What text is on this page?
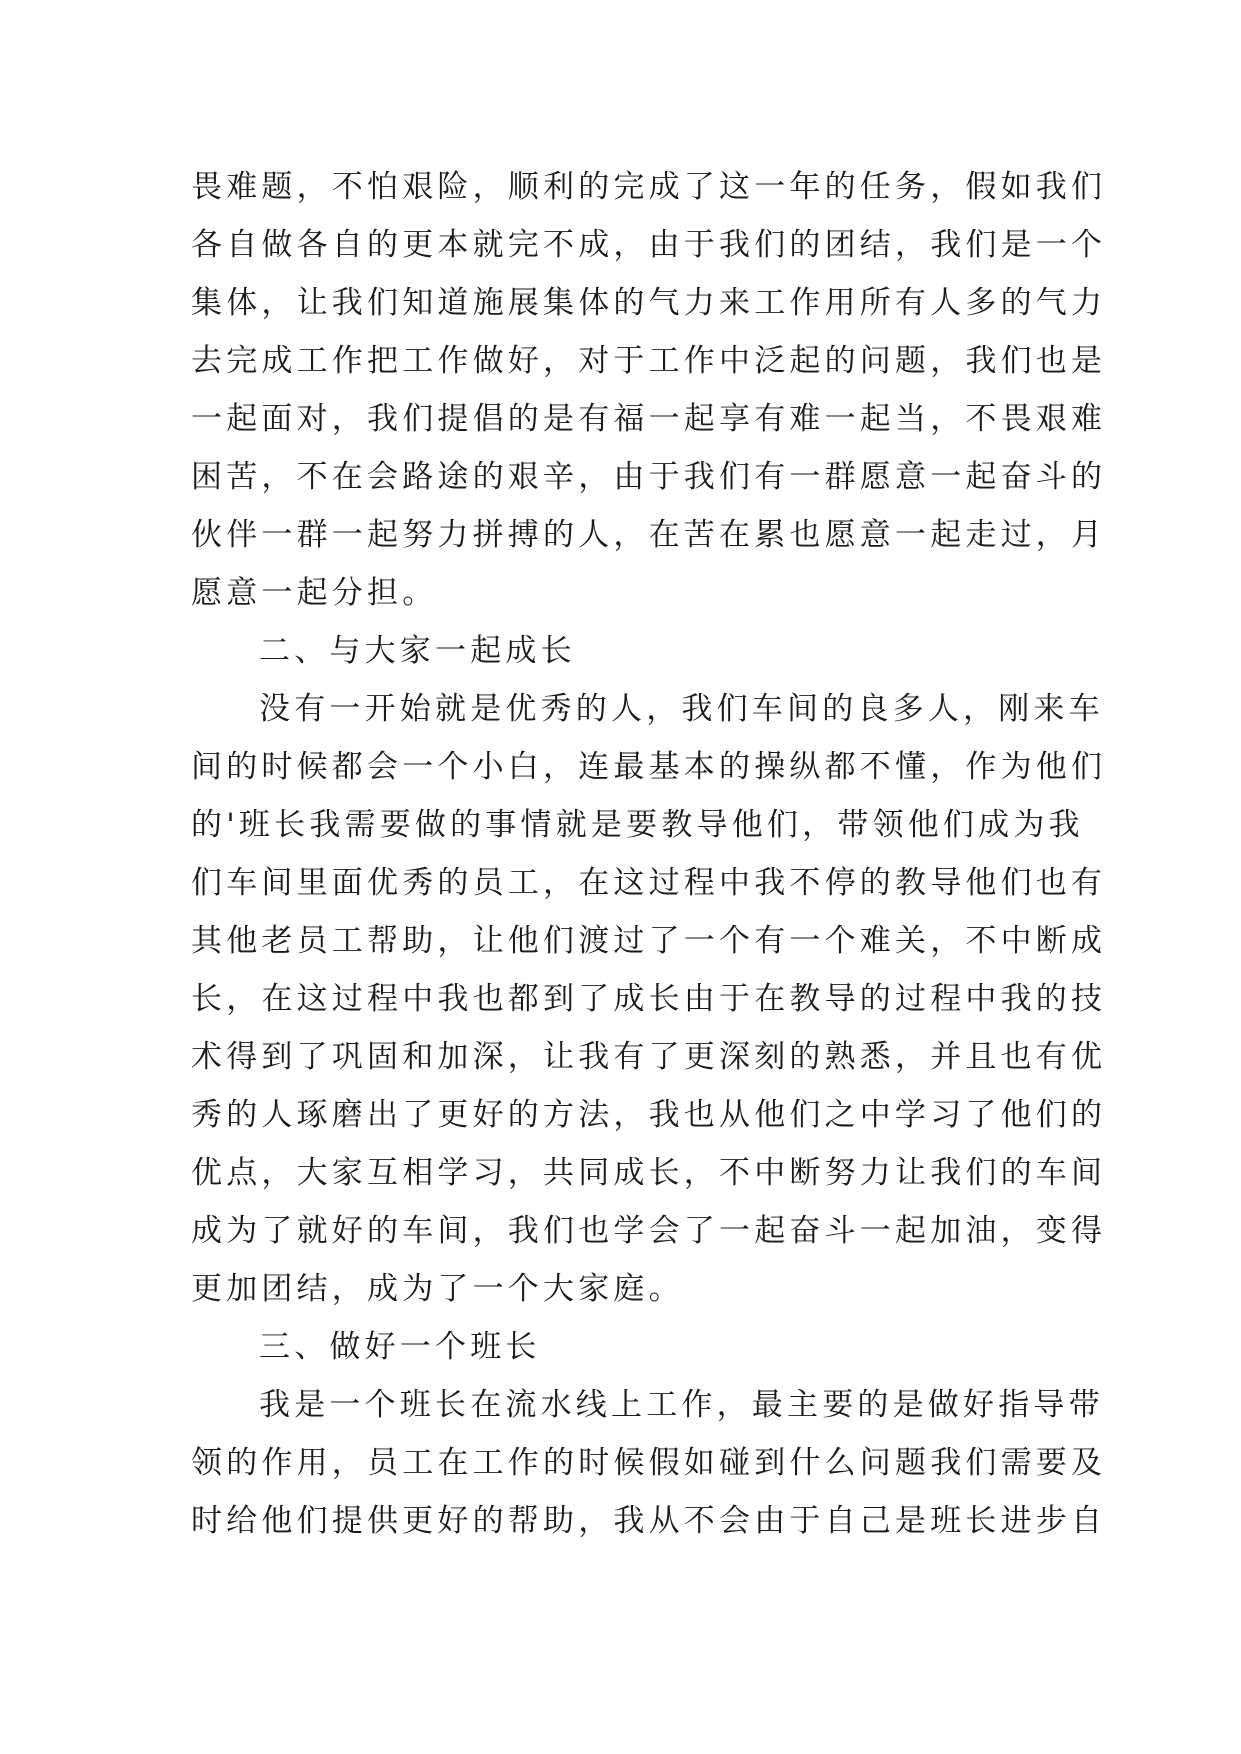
畏难题，不怕艰险，顺利的完成了这一年的任务，假如我们
各自做各自的更本就完不成，由于我们的团结，我们是一个
集体，让我们知道施展集体的气力来工作用所有人多的气力
去完成工作把工作做好，对于工作中泛起的问题，我们也是
一起面对，我们提倡的是有福一起享有难一起当，不畏艰难
困苦，不在会路途的艰辛，由于我们有一群愿意一起奋斗的
伙伴一群一起努力拼搏的人，在苦在累也愿意一起走过，月
愿意一起分担。
二、与大家一起成长
没有一开始就是优秀的人，我们车间的良多人，刚来车
间的时候都会一个小白，连最基本的操纵都不懂，作为他们
的'班长我需要做的事情就是要教导他们，带领他们成为我
们车间里面优秀的员工，在这过程中我不停的教导他们也有
其他老员工帮助，让他们渡过了一个有一个难关，不中断成
长，在这过程中我也都到了成长由于在教导的过程中我的技
术得到了巩固和加深，让我有了更深刻的熟悉，并且也有优
秀的人琢磨出了更好的方法，我也从他们之中学习了他们的
优点，大家互相学习，共同成长，不中断努力让我们的车间
成为了就好的车间，我们也学会了一起奋斗一起加油，变得
更加团结，成为了一个大家庭。
三、做好一个班长
我是一个班长在流水线上工作，最主要的是做好指导带
领的作用，员工在工作的时候假如碰到什么问题我们需要及
时给他们提供更好的帮助，我从不会由于自己是班长进步自
